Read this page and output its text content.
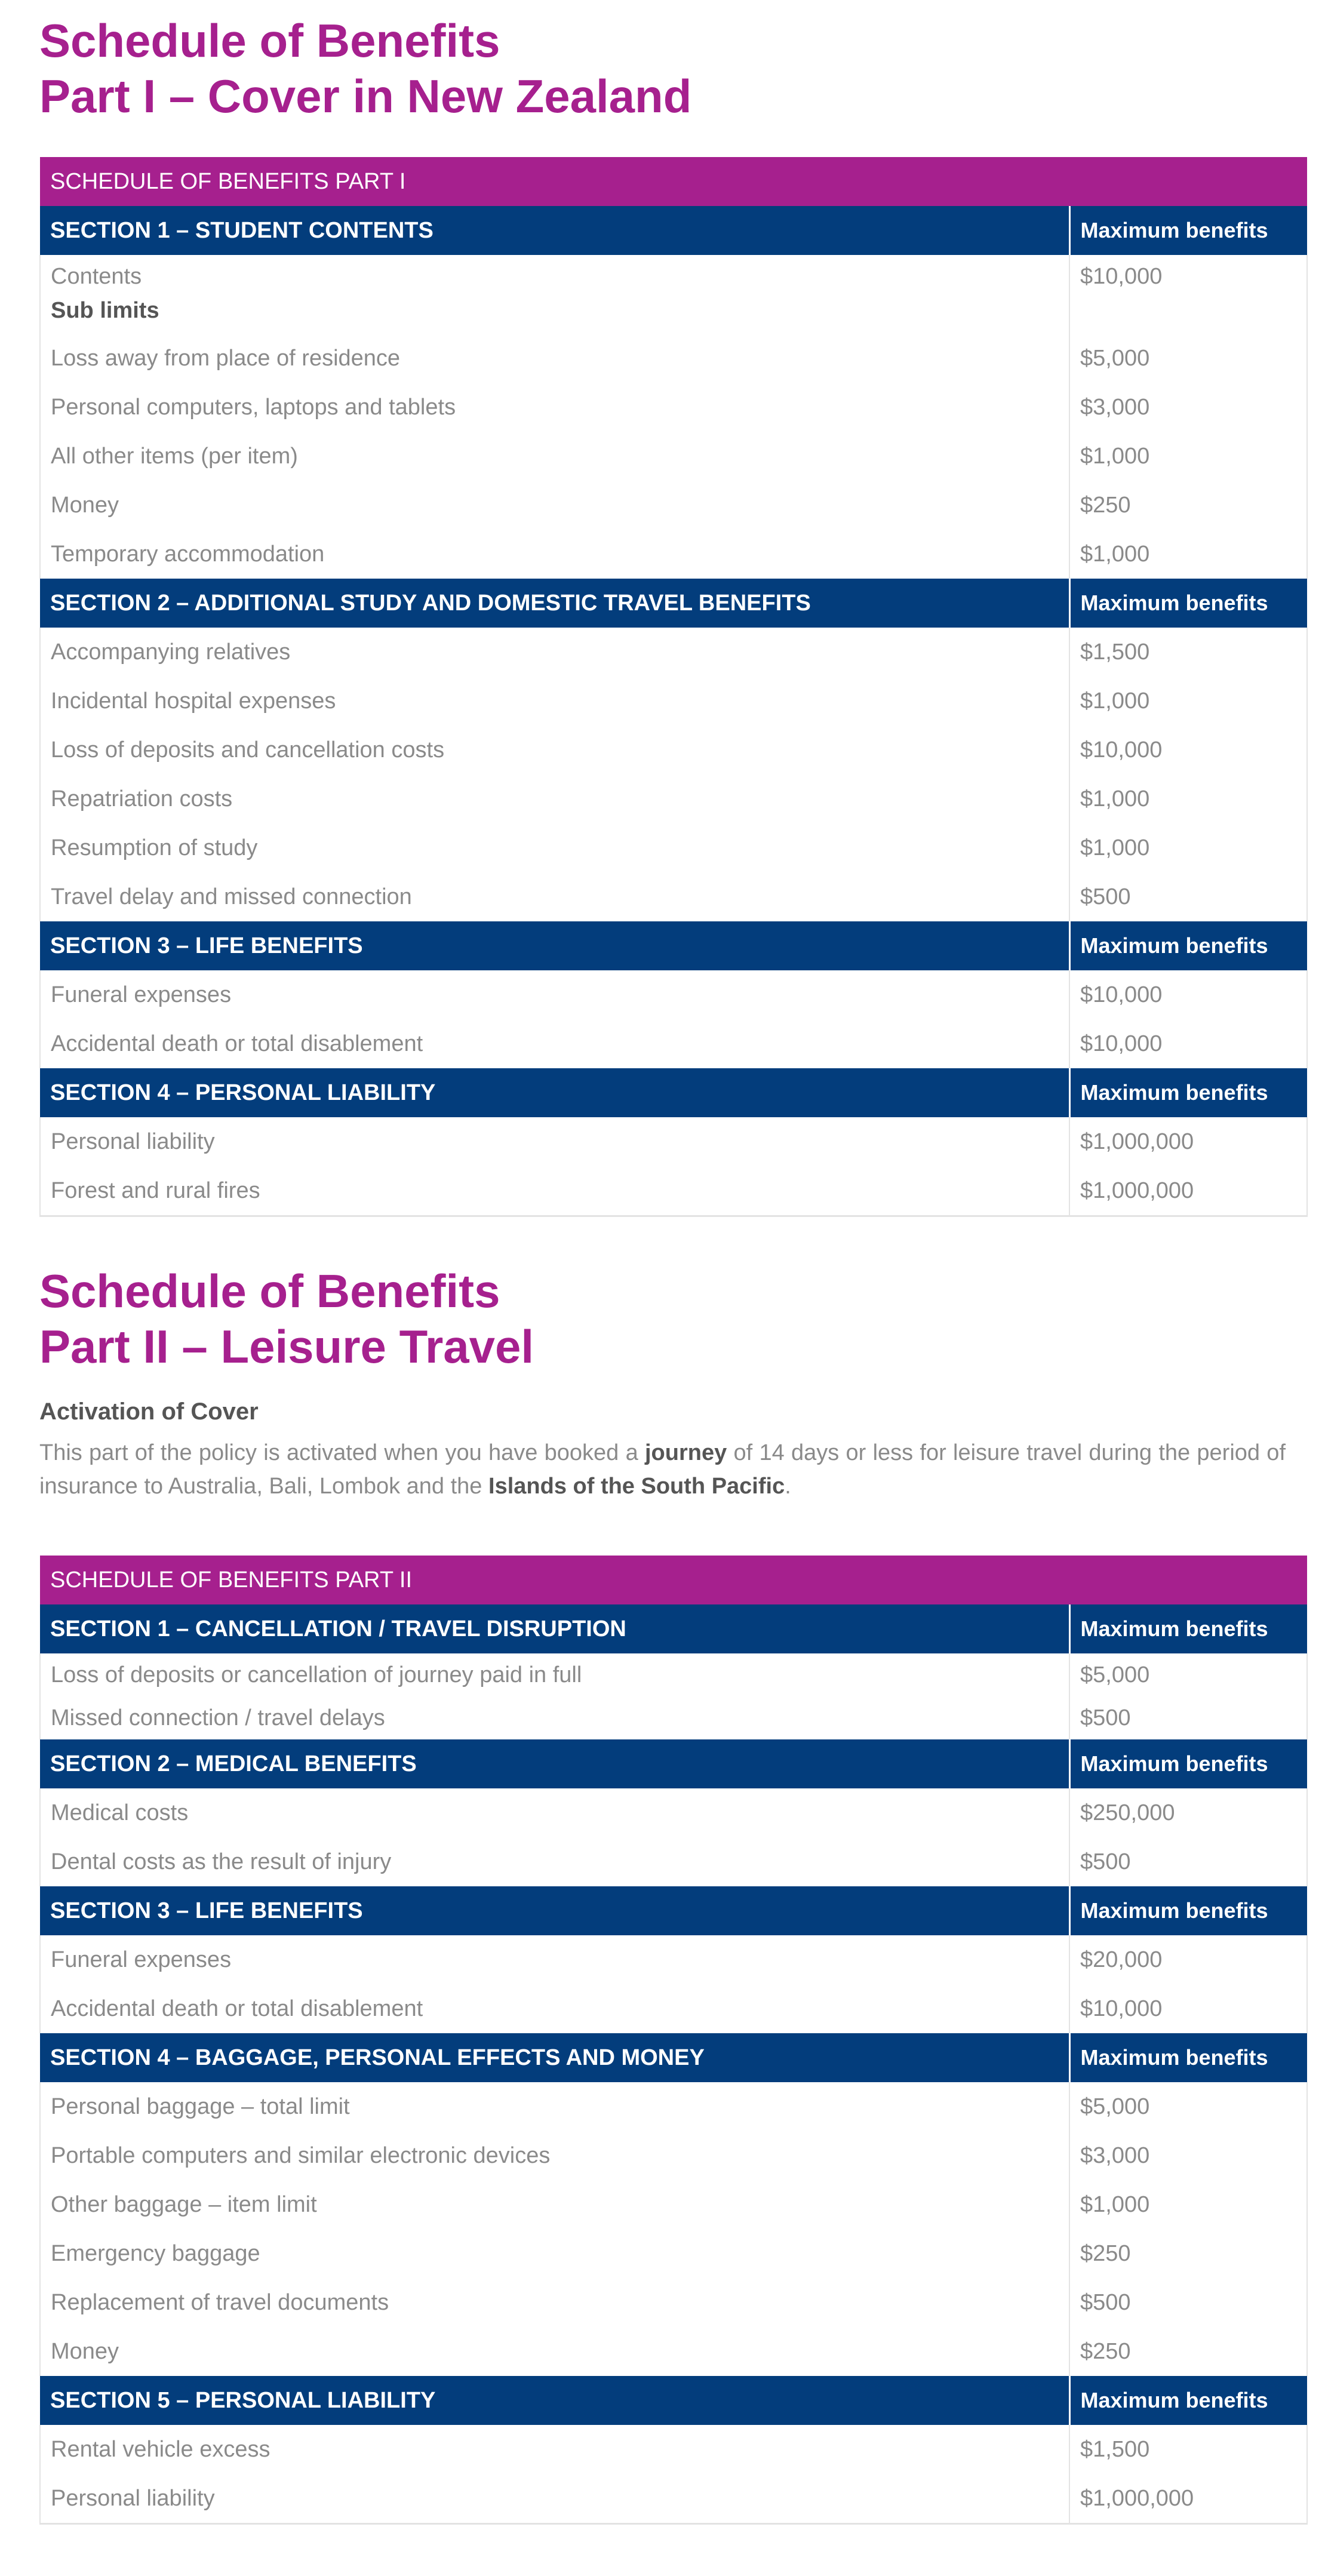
Schedule of Benefits
Part I – Cover in New Zealand
SCHEDULE OF BENEFITS PART I	
SECTION 1 – STUDENT CONTENTS	Maximum benefits
Contents	$10,000
Sub limits	
Loss away from place of residence	$5,000
Personal computers, laptops and tablets	$3,000
All other items (per item)	$1,000
Money	$250
Temporary accommodation	$1,000
SECTION 2 – ADDITIONAL STUDY AND DOMESTIC TRAVEL BENEFITS	Maximum benefits
Accompanying relatives	$1,500
Incidental hospital expenses	$1,000
Loss of deposits and cancellation costs	$10,000
Repatriation costs	$1,000
Resumption of study	$1,000
Travel delay and missed connection	$500
SECTION 3 – LIFE BENEFITS	Maximum benefits
Funeral expenses	$10,000
Accidental death or total disablement	$10,000
SECTION 4 – PERSONAL LIABILITY	Maximum benefits
Personal liability	$1,000,000
Forest and rural fires	$1,000,000
Schedule of Benefits
Part II – Leisure Travel

Activation of Cover

This part of the policy is activated when you have booked a journey of 14 days or less for leisure travel during the period of insurance to Australia, Bali, Lombok and the Islands of the South Pacific.

SCHEDULE OF BENEFITS PART II	
SECTION 1 – CANCELLATION / TRAVEL DISRUPTION	Maximum benefits
Loss of deposits or cancellation of journey paid in full	$5,000
Missed connection / travel delays	$500
SECTION 2 – MEDICAL BENEFITS	Maximum benefits
Medical costs	$250,000
Dental costs as the result of injury	$500
SECTION 3 – LIFE BENEFITS	Maximum benefits
Funeral expenses	$20,000
Accidental death or total disablement	$10,000
SECTION 4 – BAGGAGE, PERSONAL EFFECTS AND MONEY	Maximum benefits
Personal baggage – total limit	$5,000
Portable computers and similar electronic devices	$3,000
Other baggage – item limit	$1,000
Emergency baggage	$250
Replacement of travel documents	$500
Money	$250
SECTION 5 – PERSONAL LIABILITY	Maximum benefits
Rental vehicle excess	$1,500
Personal liability	$1,000,000
